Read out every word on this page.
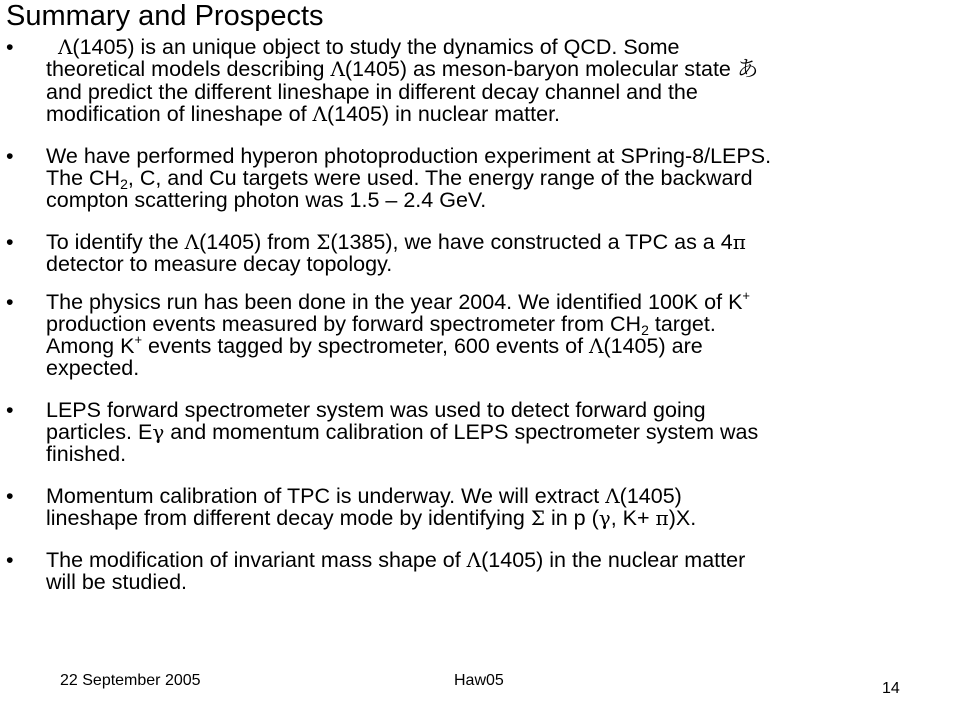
Summary and Prospects
• Λ(1405) is an unique object to study the dynamics of QCD. Some
theoretical models describing Λ(1405) as meson-baryon molecular state あ
and predict the different lineshape in different decay channel and the
modification of lineshape of Λ(1405) in nuclear matter.
• We have performed hyperon photoproduction experiment at SPring-8/LEPS.
The $CH_2$, C, and Cu targets were used. The energy range of the backward
compton scattering photon was 1.5 – 2.4 GeV.
• To identify the Λ(1405) from Σ(1385), we have constructed a TPC as a 4π
detector to measure decay topology.
• The physics run has been done in the year 2004. We identified 100K of K+
production events measured by forward spectrometer from $CH_2$ target.
Among K+ events tagged by spectrometer, 600 events of Λ(1405) are
expected.
• LEPS forward spectrometer system was used to detect forward going
particles. Eγ and momentum calibration of LEPS spectrometer system was
finished.
• Momentum calibration of TPC is underway. We will extract Λ(1405)
lineshape from different decay mode by identifying Σ in p (γ, K+ π)X.
• The modification of invariant mass shape of Λ(1405) in the nuclear matter
will be studied.
22 September 2005	Haw05	14
